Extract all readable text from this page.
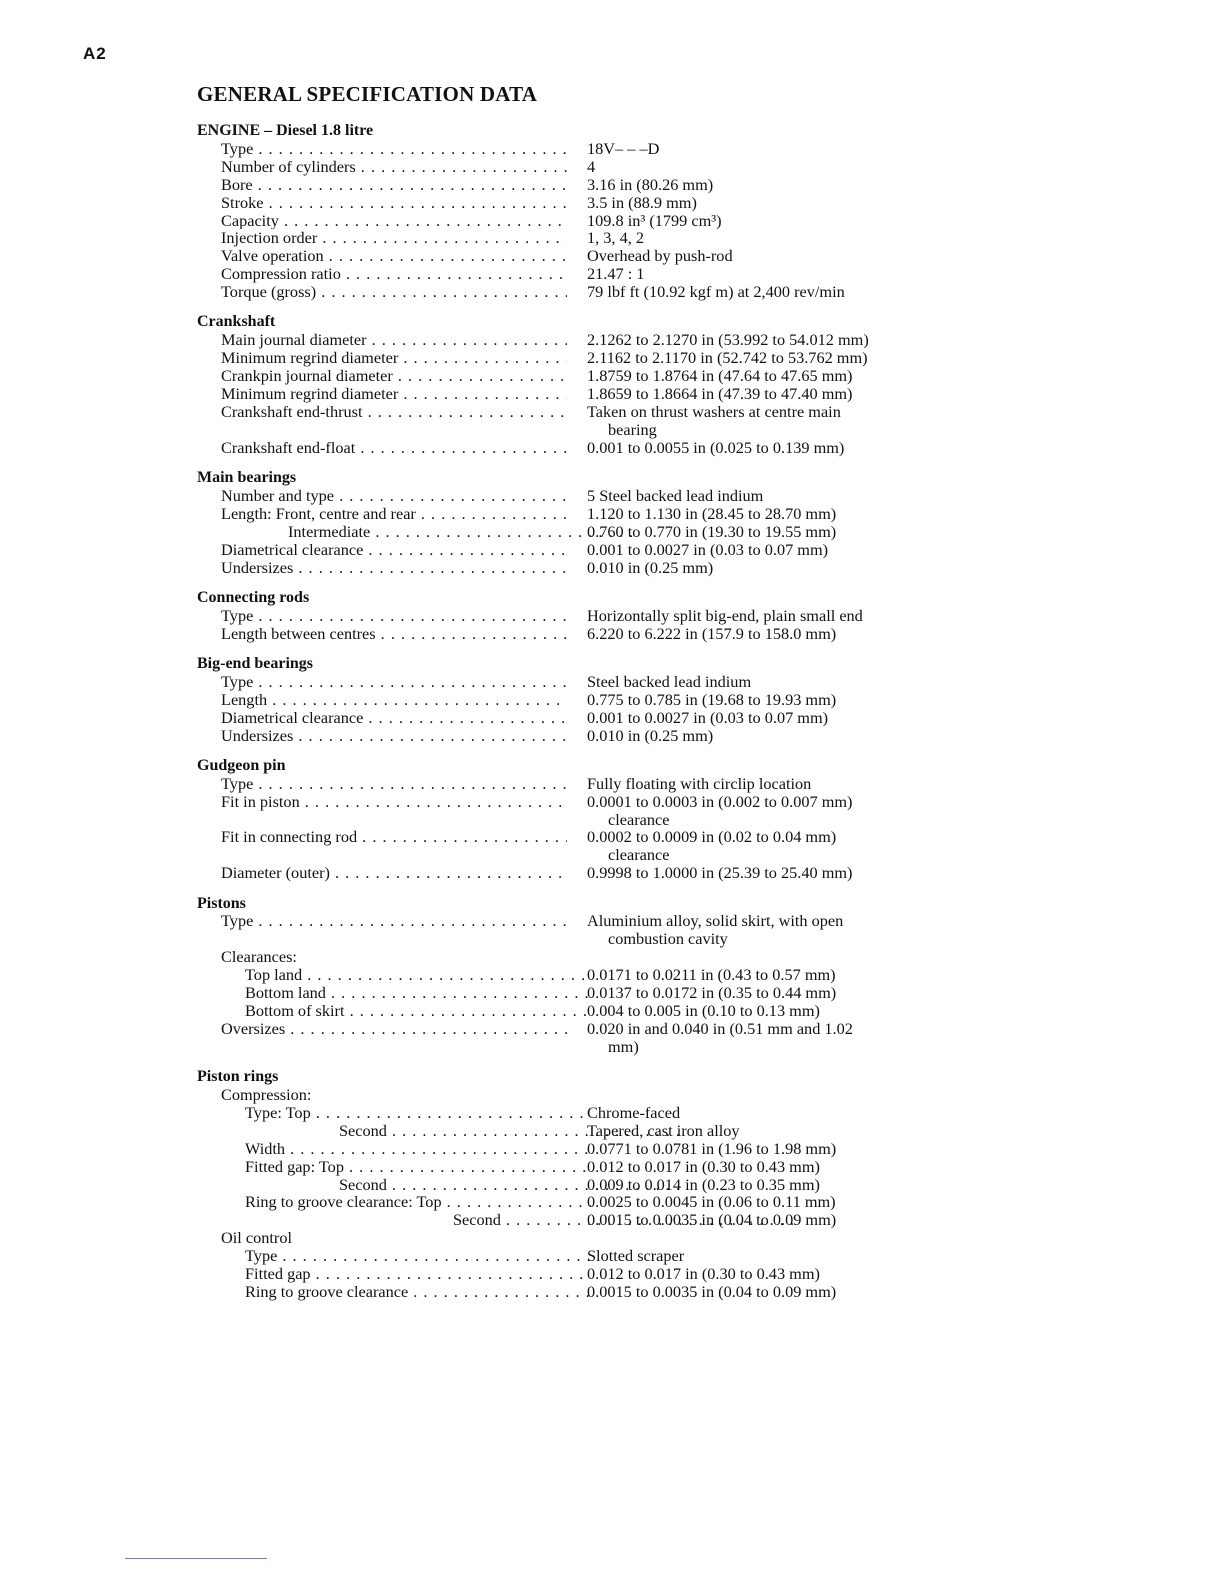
A2
GENERAL SPECIFICATION DATA
ENGINE – Diesel 1.8 litre
Type . . .	18V– – –D
Number of cylinders . . .	4
Bore . . .	3.16 in (80.26 mm)
Stroke . . .	3.5 in (88.9 mm)
Capacity . . .	109.8 in³ (1799 cm³)
Injection order . . .	1, 3, 4, 2
Valve operation . . .	Overhead by push-rod
Compression ratio . . .	21.47 : 1
Torque (gross) . . .	79 lbf ft (10.92 kgf m) at 2,400 rev/min
Crankshaft
Main journal diameter . . .	2.1262 to 2.1270 in (53.992 to 54.012 mm)
Minimum regrind diameter . . .	2.1162 to 2.1170 in (52.742 to 53.762 mm)
Crankpin journal diameter . . .	1.8759 to 1.8764 in (47.64 to 47.65 mm)
Minimum regrind diameter . . .	1.8659 to 1.8664 in (47.39 to 47.40 mm)
Crankshaft end-thrust . . .	Taken on thrust washers at centre main
bearing
Crankshaft end-float . . .	0.001 to 0.0055 in (0.025 to 0.139 mm)
Main bearings
Number and type . . .	5 Steel backed lead indium
Length: Front, centre and rear . . .	1.120 to 1.130 in (28.45 to 28.70 mm)
Intermediate . . .	0.760 to 0.770 in (19.30 to 19.55 mm)
Diametrical clearance . . .	0.001 to 0.0027 in (0.03 to 0.07 mm)
Undersizes . . .	0.010 in (0.25 mm)
Connecting rods
Type . . .	Horizontally split big-end, plain small end
Length between centres . . .	6.220 to 6.222 in (157.9 to 158.0 mm)
Big-end bearings
Type . . .	Steel backed lead indium
Length . . .	0.775 to 0.785 in (19.68 to 19.93 mm)
Diametrical clearance . . .	0.001 to 0.0027 in (0.03 to 0.07 mm)
Undersizes . . .	0.010 in (0.25 mm)
Gudgeon pin
Type . . .	Fully floating with circlip location
Fit in piston . . .	0.0001 to 0.0003 in (0.002 to 0.007 mm)
clearance
Fit in connecting rod . . .	0.0002 to 0.0009 in (0.02 to 0.04 mm)
clearance
Diameter (outer) . . .	0.9998 to 1.0000 in (25.39 to 25.40 mm)
Pistons
Type . . .	Aluminium alloy, solid skirt, with open
combustion cavity
Clearances:
Top land . . .	0.0171 to 0.0211 in (0.43 to 0.57 mm)
Bottom land . . .	0.0137 to 0.0172 in (0.35 to 0.44 mm)
Bottom of skirt . . .	0.004 to 0.005 in (0.10 to 0.13 mm)
Oversizes . . .	0.020 in and 0.040 in (0.51 mm and 1.02
mm)
Piston rings
Compression:
Type: Top . . .	Chrome-faced
Second . . .	Tapered, cast iron alloy
Width . . .	0.0771 to 0.0781 in (1.96 to 1.98 mm)
Fitted gap: Top . . .	0.012 to 0.017 in (0.30 to 0.43 mm)
Second . . .	0.009 to 0.014 in (0.23 to 0.35 mm)
Ring to groove clearance: Top . . .	0.0025 to 0.0045 in (0.06 to 0.11 mm)
Second . . .	0.0015 to 0.0035 in (0.04 to 0.09 mm)
Oil control
Type . . .	Slotted scraper
Fitted gap . . .	0.012 to 0.017 in (0.30 to 0.43 mm)
Ring to groove clearance . . .	0.0015 to 0.0035 in (0.04 to 0.09 mm)
